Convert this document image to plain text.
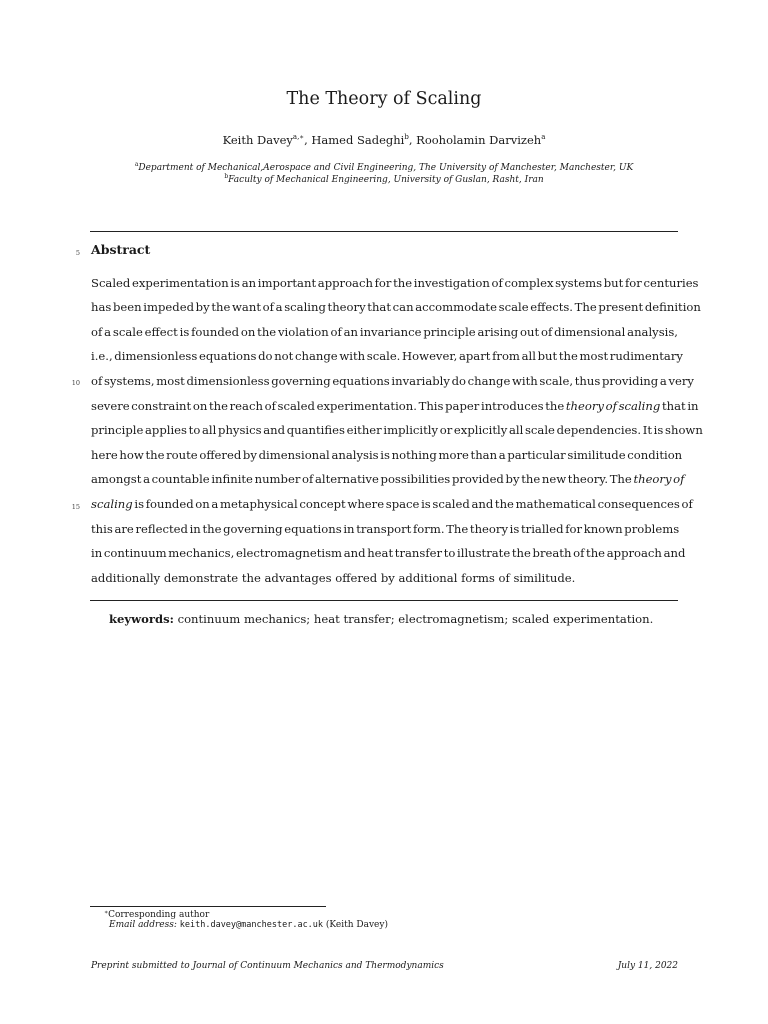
The Theory of Scaling
Keith Davey$^{a,∗}$, Hamed Sadeghi$^b$, Rooholamin Darvizeh$^a$
$^a$Department of Mechanical,Aerospace and Civil Engineering, The University of Manchester, Manchester, UK
$^b$Faculty of Mechanical Engineering, University of Guslan, Rasht, Iran
5 Abstract
10
15
Scaled experimentation is an important approach for the investigation of complex systems but for centuries
has been impeded by the want of a scaling theory that can accommodate scale effects. The present definition
of a scale effect is founded on the violation of an invariance principle arising out of dimensional analysis,
i.e., dimensionless equations do not change with scale. However, apart from all but the most rudimentary
of systems, most dimensionless governing equations invariably do change with scale, thus providing a very
severe constraint on the reach of scaled experimentation. This paper introduces the theory of scaling that in
principle applies to all physics and quantifies either implicitly or explicitly all scale dependencies. It is shown
here how the route offered by dimensional analysis is nothing more than a particular similitude condition
amongst a countable infinite number of alternative possibilities provided by the new theory. The theory of
scaling is founded on a metaphysical concept where space is scaled and the mathematical consequences of
this are reflected in the governing equations in transport form. The theory is trialled for known problems
in continuum mechanics, electromagnetism and heat transfer to illustrate the breath of the approach and
additionally demonstrate the advantages offered by additional forms of similitude.
keywords: continuum mechanics; heat transfer; electromagnetism; scaled experimentation.
∗Corresponding author
Email address: keith.davey@manchester.ac.uk (Keith Davey)
Preprint submitted to Journal of Continuum Mechanics and Thermodynamics	July 11, 2022
